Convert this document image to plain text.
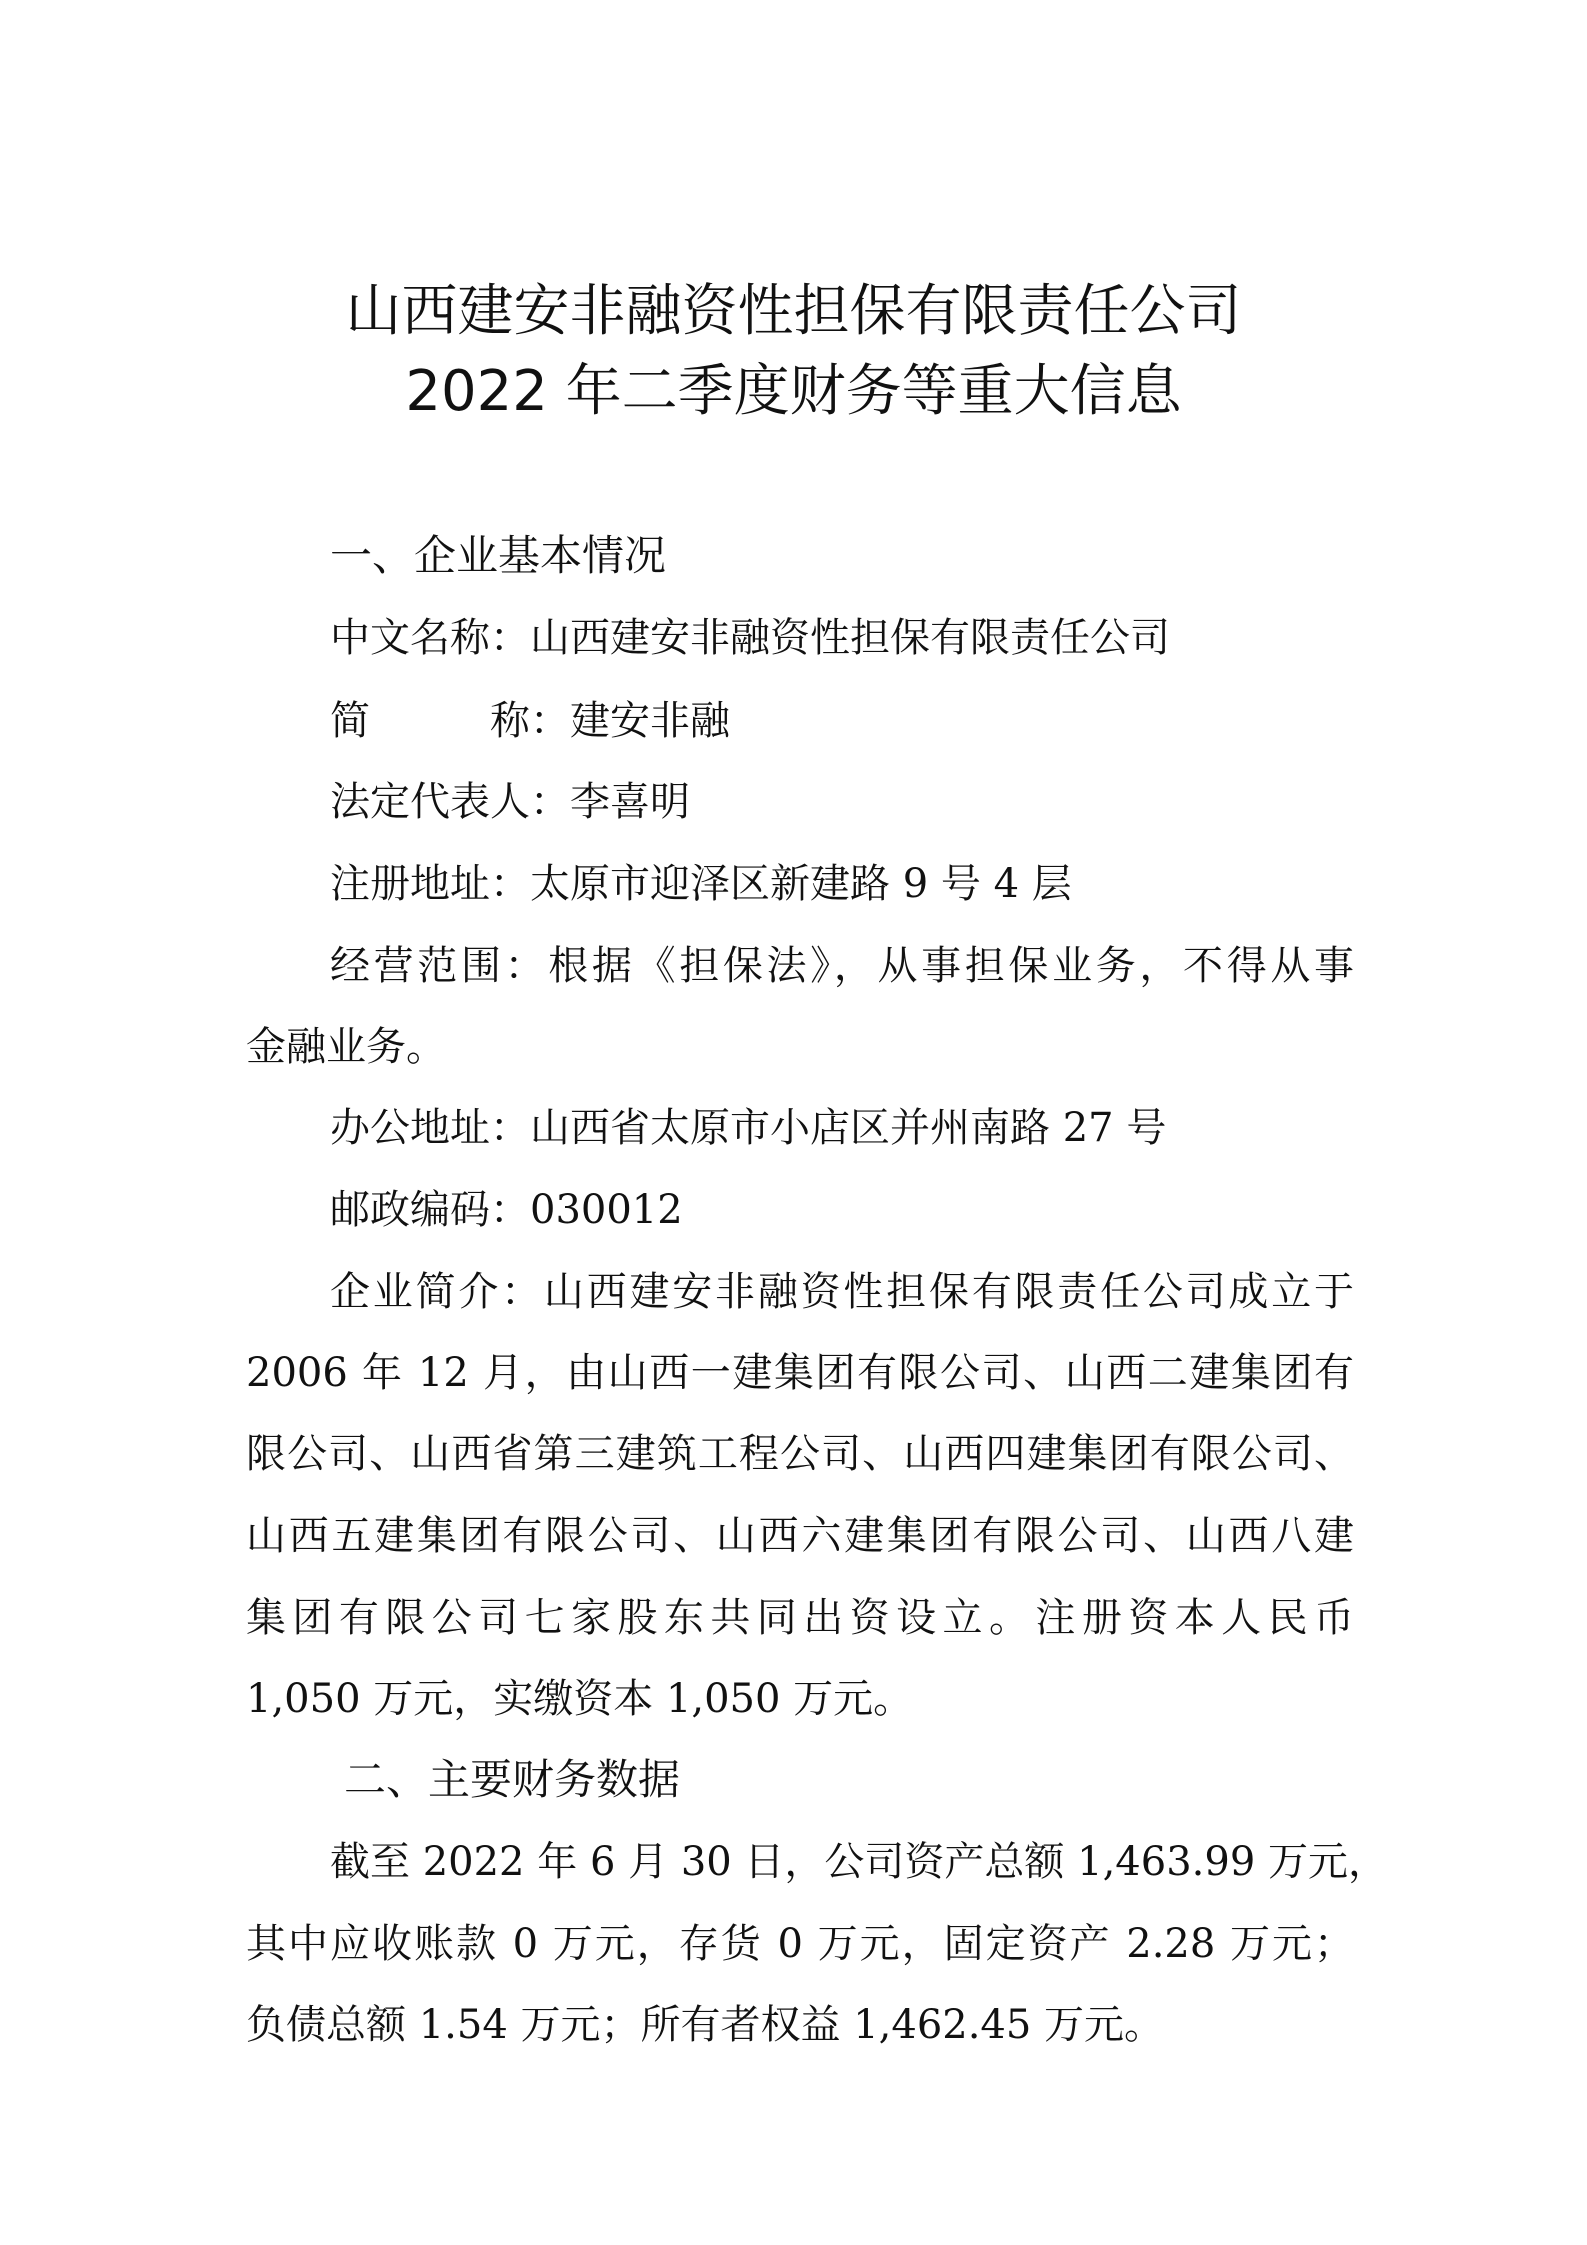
山西建安非融资性担保有限责任公司
2022 年二季度财务等重大信息
一、企业基本情况
中文名称：山西建安非融资性担保有限责任公司
简	称：建安非融
法定代表人：李喜明
注册地址：太原市迎泽区新建路 9 号 4 层
经营范围：根据《担保法》，从事担保业务，不得从事
金融业务。
办公地址：山西省太原市小店区并州南路 27 号
邮政编码：030012
企业简介：山西建安非融资性担保有限责任公司成立于
2006 年 12 月，由山西一建集团有限公司、山西二建集团有
限公司、山西省第三建筑工程公司、山西四建集团有限公司、
山西五建集团有限公司、山西六建集团有限公司、山西八建
集团有限公司七家股东共同出资设立。注册资本人民币
1,050 万元，实缴资本 1,050 万元。
二、主要财务数据
截至 2022 年 6 月 30 日，公司资产总额 1,463.99 万元，
其中应收账款 0 万元，存货 0 万元，固定资产 2.28 万元；
负债总额 1.54 万元；所有者权益 1,462.45 万元。
